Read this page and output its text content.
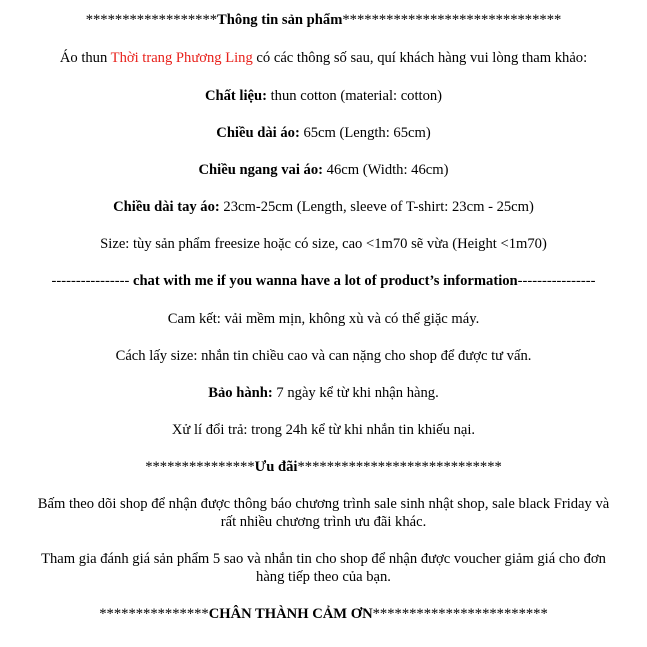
******************Thông tin sản phẩm******************************
Áo thun Thời trang Phương Ling có các thông số sau, quí khách hàng vui lòng tham khảo:
Chất liệu: thun cotton (material: cotton)
Chiều dài áo: 65cm (Length: 65cm)
Chiều ngang vai áo: 46cm (Width: 46cm)
Chiều dài tay áo: 23cm-25cm (Length, sleeve of T-shirt: 23cm - 25cm)
Size: tùy sản phẩm freesize hoặc có size, cao <1m70 sẽ vừa (Height <1m70)
---------------- chat with me if you wanna have a lot of product’s information----------------
Cam kết: vải mềm mịn, không xù và có thể giặc máy.
Cách lấy size: nhắn tin chiều cao và can nặng cho shop để được tư vấn.
Bảo hành: 7 ngày kể từ khi nhận hàng.
Xử lí đổi trả: trong 24h kể từ khi nhắn tin khiếu nại.
***************Ưu đãi****************************
Bấm theo dõi shop để nhận được thông báo chương trình sale sinh nhật shop, sale black Friday và rất nhiều chương trình ưu đãi khác.
Tham gia đánh giá sản phẩm 5 sao và nhắn tin cho shop để nhận được voucher giảm giá cho đơn hàng tiếp theo của bạn.
***************CHÂN THÀNH CẢM ƠN************************
